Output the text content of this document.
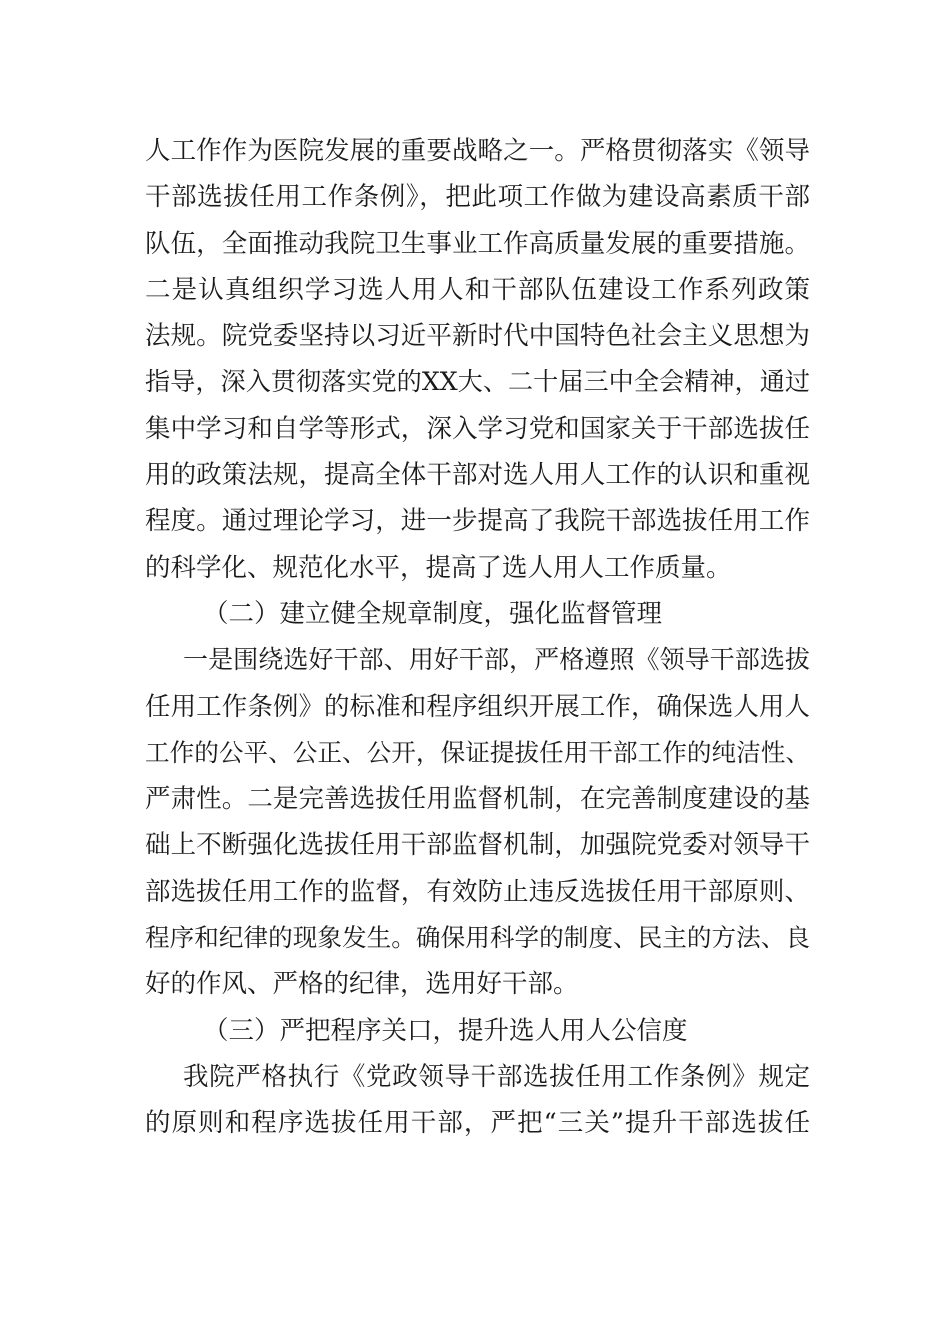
人工作作为医院发展的重要战略之一。严格贯彻落实《领导
干部选拔任用工作条例》，把此项工作做为建设高素质干部
队伍，全面推动我院卫生事业工作高质量发展的重要措施。
二是认真组织学习选人用人和干部队伍建设工作系列政策
法规。院党委坚持以习近平新时代中国特色社会主义思想为
指导，深入贯彻落实党的XX大、二十届三中全会精神，通过
集中学习和自学等形式，深入学习党和国家关于干部选拔任
用的政策法规，提高全体干部对选人用人工作的认识和重视
程度。通过理论学习，进一步提高了我院干部选拔任用工作
的科学化、规范化水平，提高了选人用人工作质量。
（二）建立健全规章制度，强化监督管理
一是围绕选好干部、用好干部，严格遵照《领导干部选拔
任用工作条例》的标准和程序组织开展工作，确保选人用人
工作的公平、公正、公开，保证提拔任用干部工作的纯洁性、
严肃性。二是完善选拔任用监督机制，在完善制度建设的基
础上不断强化选拔任用干部监督机制，加强院党委对领导干
部选拔任用工作的监督，有效防止违反选拔任用干部原则、
程序和纪律的现象发生。确保用科学的制度、民主的方法、良
好的作风、严格的纪律，选用好干部。
（三）严把程序关口，提升选人用人公信度
我院严格执行《党政领导干部选拔任用工作条例》规定
的原则和程序选拔任用干部，严把“三关”提升干部选拔任
